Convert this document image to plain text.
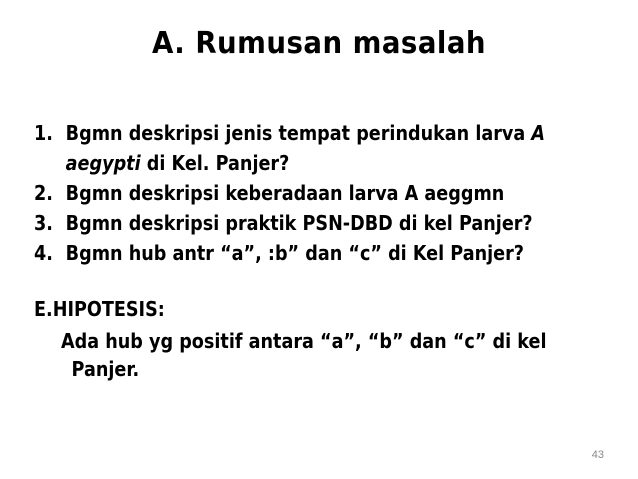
A. Rumusan masalah
1. Bgmn deskripsi jenis tempat perindukan larva A
aegypti di Kel. Panjer?
2. Bgmn deskripsi keberadaan larva A aeggmn
3. Bgmn deskripsi praktik PSN-DBD di kel Panjer?
4. Bgmn hub antr “a”, :b” dan “c” di Kel Panjer?
E.HIPOTESIS:
Ada hub yg positif antara “a”, “b” dan “c” di kel
Panjer.
43
